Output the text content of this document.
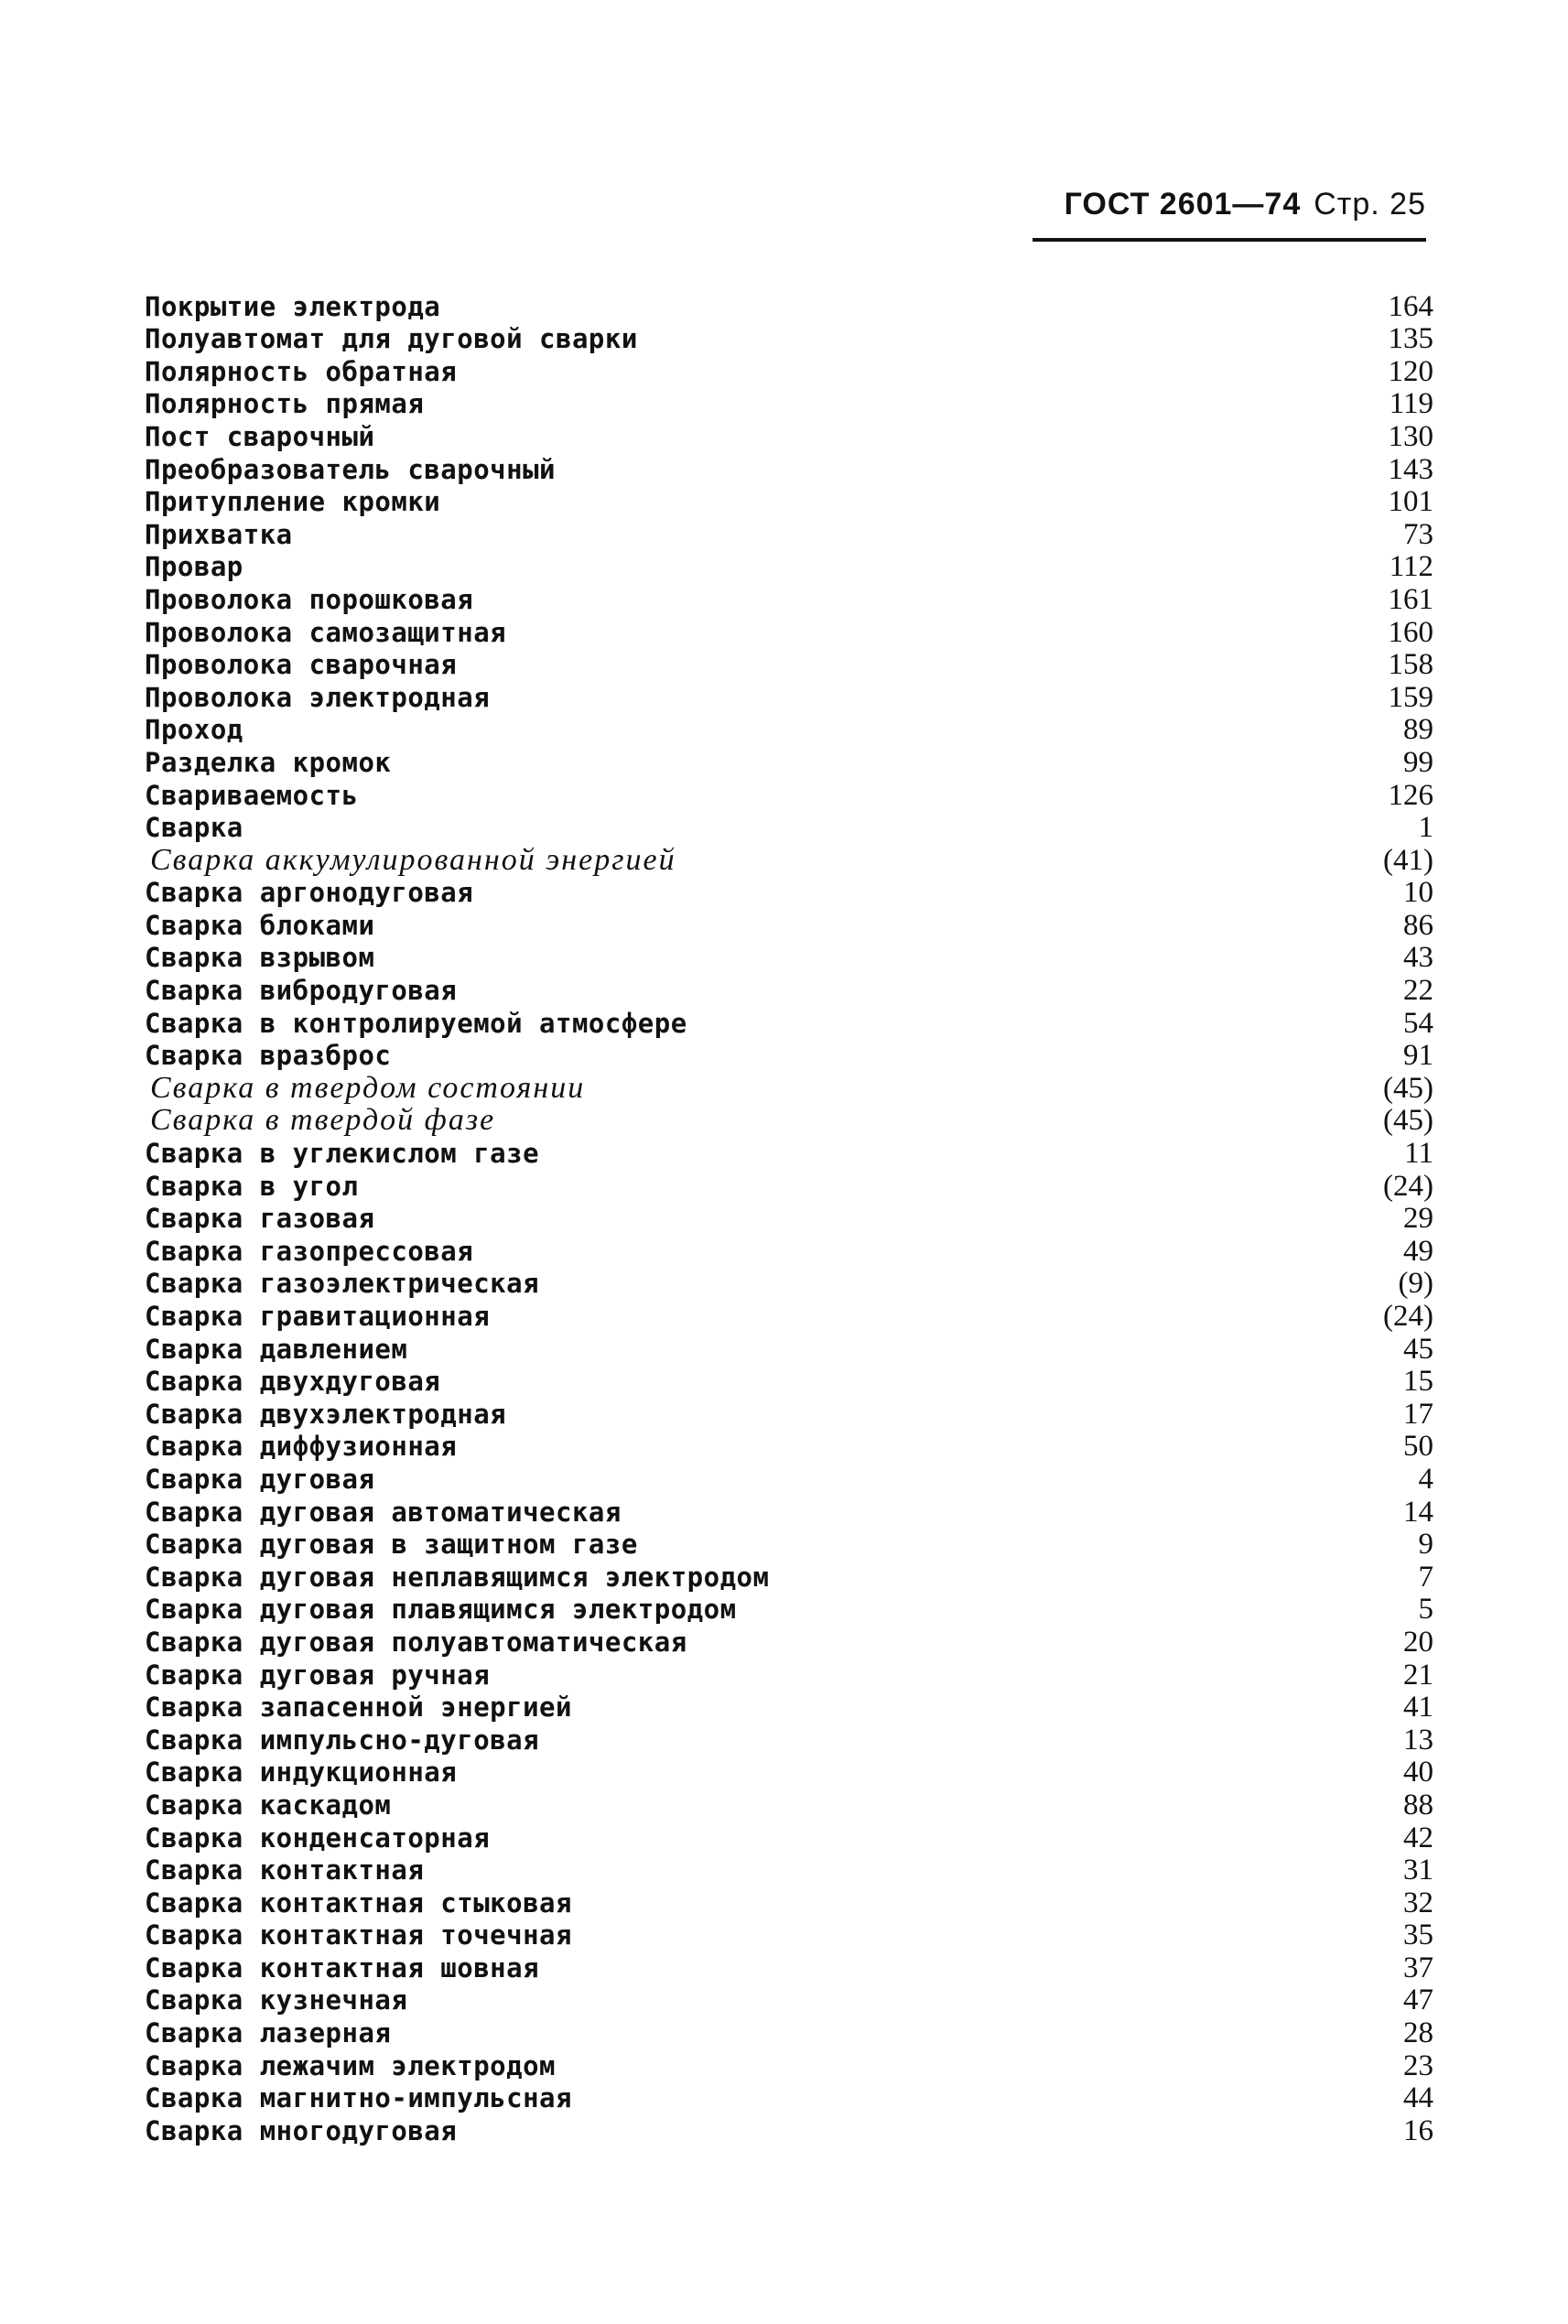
ГОСТ 2601—74 Стр. 25
Покрытие электрода	164
Полуавтомат для дуговой сварки	135
Полярность обратная	120
Полярность прямая	119
Пост сварочный	130
Преобразователь сварочный	143
Притупление кромки	101
Прихватка	73
Провар	112
Проволока порошковая	161
Проволока самозащитная	160
Проволока сварочная	158
Проволока электродная	159
Проход	89
Разделка кромок	99
Свариваемость	126
Сварка	1
Сварка аккумулированной энергией	(41)
Сварка аргонодуговая	10
Сварка блоками	86
Сварка взрывом	43
Сварка вибродуговая	22
Сварка в контролируемой атмосфере	54
Сварка вразброс	91
Сварка в твердом состоянии	(45)
Сварка в твердой фазе	(45)
Сварка в углекислом газе	11
Сварка в угол	(24)
Сварка газовая	29
Сварка газопрессовая	49
Сварка газоэлектрическая	(9)
Сварка гравитационная	(24)
Сварка давлением	45
Сварка двухдуговая	15
Сварка двухэлектродная	17
Сварка диффузионная	50
Сварка дуговая	4
Сварка дуговая автоматическая	14
Сварка дуговая в защитном газе	9
Сварка дуговая неплавящимся электродом	7
Сварка дуговая плавящимся электродом	5
Сварка дуговая полуавтоматическая	20
Сварка дуговая ручная	21
Сварка запасенной энергией	41
Сварка импульсно-дуговая	13
Сварка индукционная	40
Сварка каскадом	88
Сварка конденсаторная	42
Сварка контактная	31
Сварка контактная стыковая	32
Сварка контактная точечная	35
Сварка контактная шовная	37
Сварка кузнечная	47
Сварка лазерная	28
Сварка лежачим электродом	23
Сварка магнитно-импульсная	44
Сварка многодуговая	16
